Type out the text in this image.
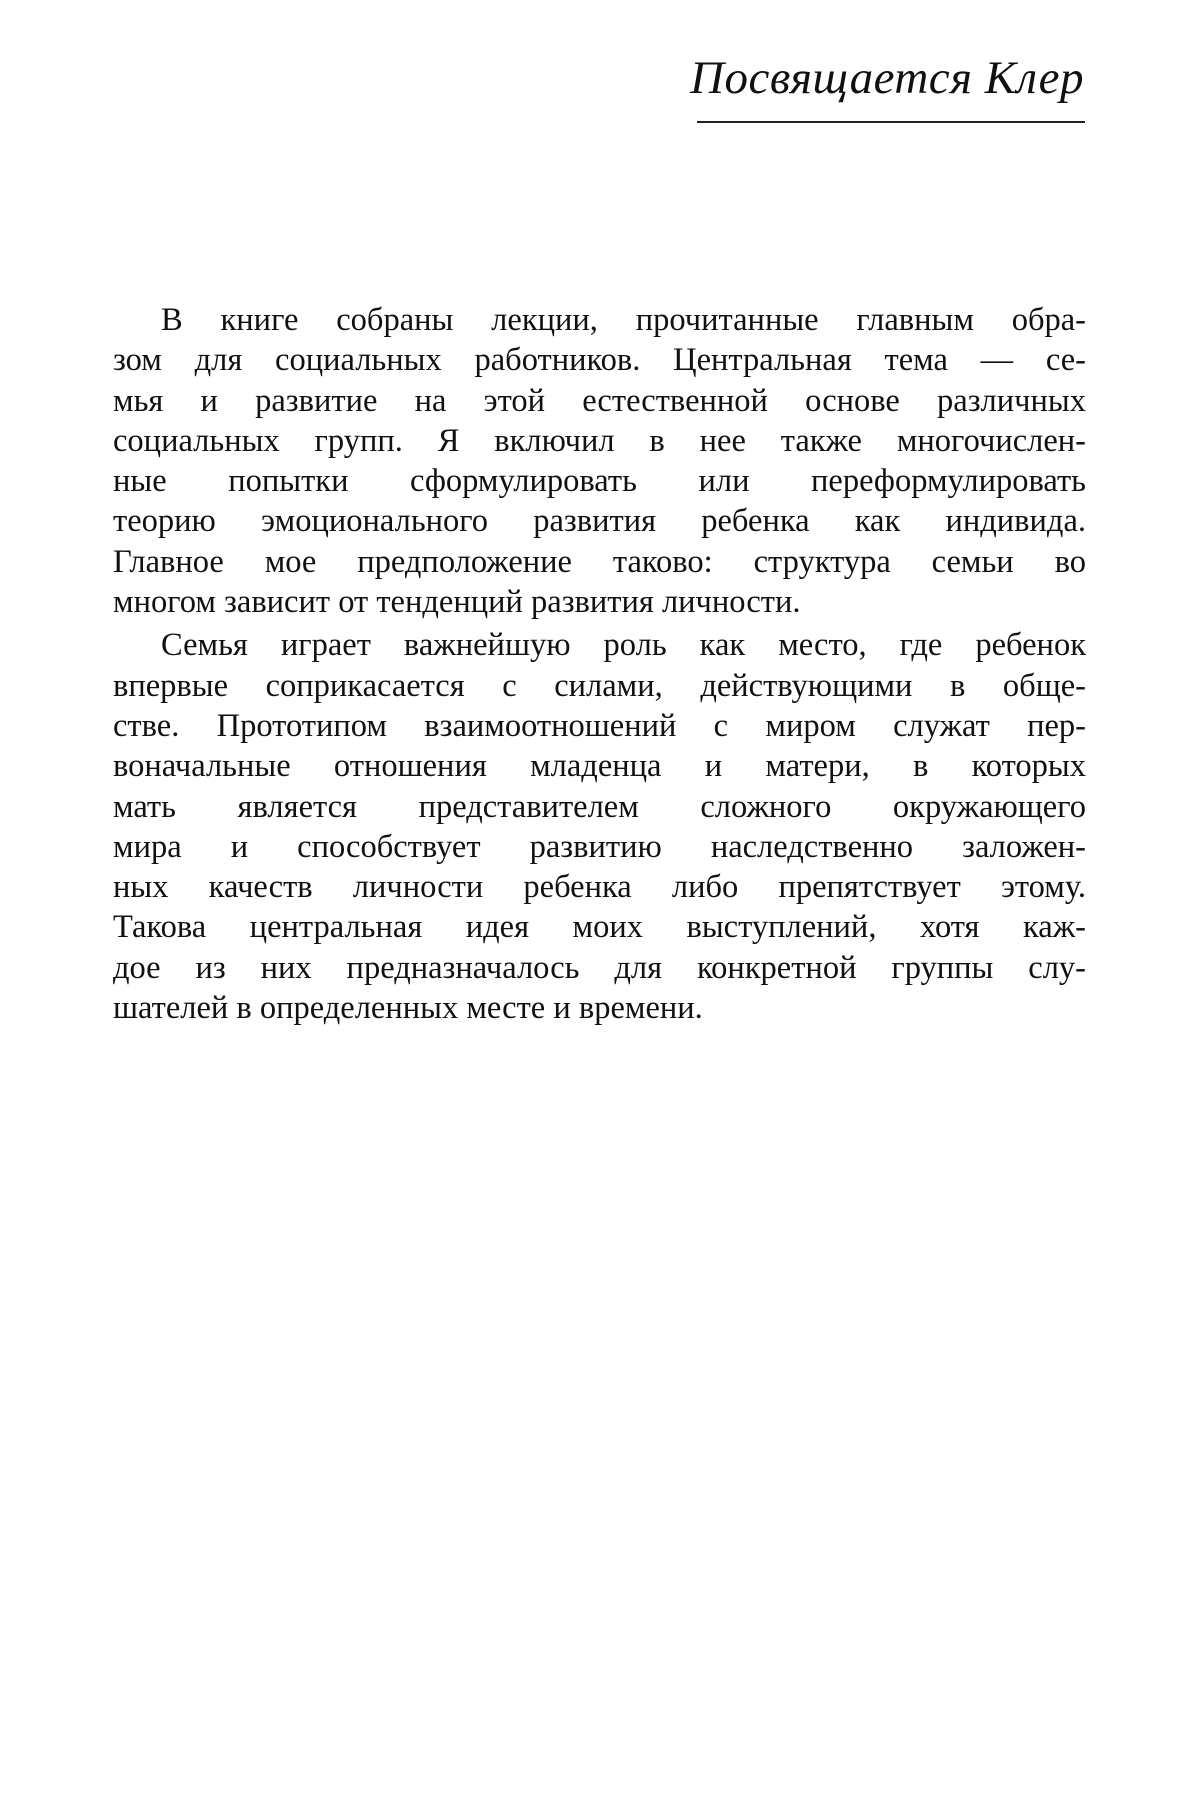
Посвящается Клер

В книге собраны лекции, прочитанные главным обра-
зом для социальных работников. Центральная тема — се-
мья и развитие на этой естественной основе различных
социальных групп. Я включил в нее также многочислен-
ные попытки сформулировать или переформулировать
теорию эмоционального развития ребенка как индивида.
Главное мое предположение таково: структура семьи во
многом зависит от тенденций развития личности.

Семья играет важнейшую роль как место, где ребенок
впервые соприкасается с силами, действующими в обще-
стве. Прототипом взаимоотношений с миром служат пер-
воначальные отношения младенца и матери, в которых
мать является представителем сложного окружающего
мира и способствует развитию наследственно заложен-
ных качеств личности ребенка либо препятствует этому.
Такова центральная идея моих выступлений, хотя каж-
дое из них предназначалось для конкретной группы слу-
шателей в определенных месте и времени.
